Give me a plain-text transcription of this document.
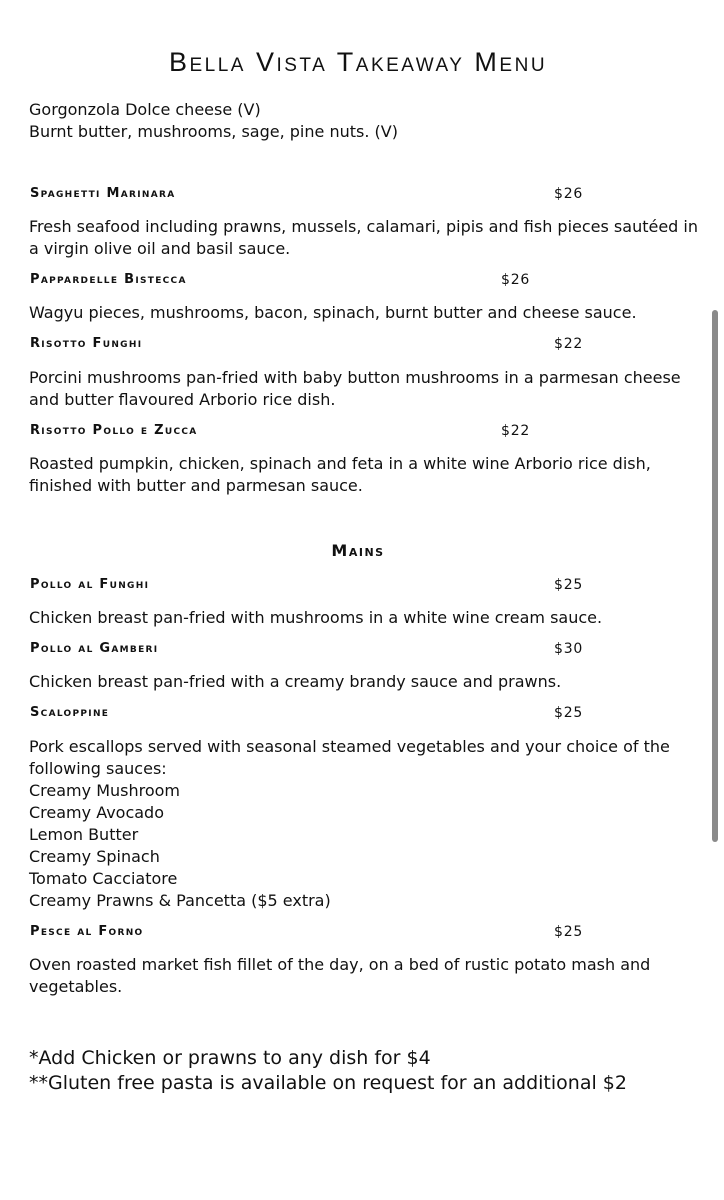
Bella Vista Takeaway Menu
Gorgonzola Dolce cheese (V)
Burnt butter, mushrooms, sage, pine nuts. (V)
Spaghetti Marinara	$26
Fresh seafood including prawns, mussels, calamari, pipis and fish pieces sautéed in a virgin olive oil and basil sauce.
Pappardelle Bistecca	$26
Wagyu pieces, mushrooms, bacon, spinach, burnt butter and cheese sauce.
Risotto Funghi	$22
Porcini mushrooms pan-fried with baby button mushrooms in a parmesan cheese and butter flavoured Arborio rice dish.
Risotto Pollo e Zucca	$22
Roasted pumpkin, chicken, spinach and feta in a white wine Arborio rice dish, finished with butter and parmesan sauce.
Mains
Pollo al Funghi	$25
Chicken breast pan-fried with mushrooms in a white wine cream sauce.
Pollo al Gamberi	$30
Chicken breast pan-fried with a creamy brandy sauce and prawns.
Scaloppine	$25
Pork escallops served with seasonal steamed vegetables and your choice of the following sauces:
Creamy Mushroom
Creamy Avocado
Lemon Butter
Creamy Spinach
Tomato Cacciatore
Creamy Prawns & Pancetta ($5 extra)
Pesce al Forno	$25
Oven roasted market fish fillet of the day, on a bed of rustic potato mash and vegetables.
*Add Chicken or prawns to any dish for $4
**Gluten free pasta is available on request for an additional $2
